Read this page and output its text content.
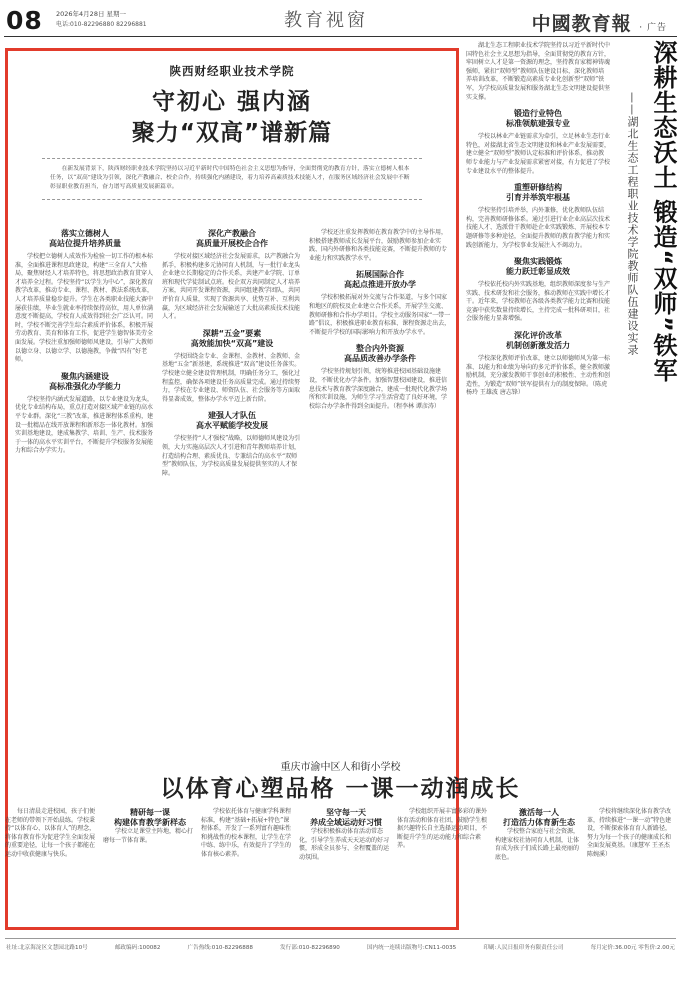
08 2026年4月28日 星期一
电话:010-82296880 82296881	教育视窗	中國教育報 · 广告
陕西财经职业技术学院
守初心 强内涵
聚力“双高”谱新篇
在新发展背景下，陕西财经职业技术学院坚持以习近平新时代中国特色社会主义思想为指导，全面贯彻党的教育方针，落实立德树人根本任务，以“双高”建设为引领，深化产教融合、校企合作，持续强化内涵建设，着力培养高素质技术技能人才，在服务区域经济社会发展中不断彰显职业教育担当，奋力谱写高质量发展新篇章。
落实立德树人
高站位提升培养质量
学校把立德树人成效作为检验一切工作的根本标准，全面推进课程思政建设，构建“三全育人”大格局，聚焦财经人才培养特色，将思想政治教育贯穿人才培养全过程。学校坚持“以学生为中心”，深化教育教学改革，推动专业、课程、教材、教法系统改革，人才培养质量稳步提升。学生在各类职业技能大赛中屡获佳绩，毕业生就业率持续保持高位，用人单位满意度不断提高，学校育人成效得到社会广泛认可。同时，学校不断完善学生综合素质评价体系，积极开展劳动教育、美育和体育工作，促进学生德智体美劳全面发展。学校注重加强师德师风建设，引导广大教师以德立身、以德立学、以德施教，争做“四有”好老师。
聚焦内涵建设
高标准强化办学能力
学校坚持内涵式发展道路，以专业建设为龙头，优化专业结构布局，重点打造对接区域产业链的高水平专业群。深化“三教”改革，推进课程体系重构，建设一批精品在线开放课程和新形态一体化教材。加强实训基地建设，建成集教学、培训、生产、技术服务于一体的高水平实训平台，不断提升学校服务发展能力和综合办学实力。
深化产教融合
高质量开展校企合作
学校对接区域经济社会发展需求，以产教融合为抓手，积极构建多元协同育人机制，与一批行业龙头企业建立长期稳定的合作关系，共建产业学院、订单班和现代学徒制试点班。校企双方共同制定人才培养方案，共同开发课程资源，共同组建教学团队，共同评价育人质量，实现了资源共享、优势互补、互利共赢，为区域经济社会发展输送了大批高素质技术技能人才。
深耕“五金”要素
高效能加快“双高”建设
学校围绕金专业、金课程、金教材、金教师、金基地“五金”新基建，系统推进“双高”建设任务落实。学校建立健全建设管理机制，明确任务分工，强化过程监控，确保各项建设任务高质量完成。通过持续努力，学校在专业建设、师资队伍、社会服务等方面取得显著成效，整体办学水平迈上新台阶。
建强人才队伍
高水平赋能学校发展
学校坚持“人才强校”战略，以师德师风建设为引领，大力实施高层次人才引进和青年教师培养计划，打造结构合理、素质优良、专兼结合的高水平“双师型”教师队伍，为学校高质量发展提供坚实的人才保障。
学校还注重发挥教师在教育教学中的主导作用，积极搭建教师成长发展平台，鼓励教师参加企业实践、国内外研修和各类技能竞赛，不断提升教师的专业能力和实践教学水平。
拓展国际合作
高起点推进开放办学
学校积极拓展对外交流与合作渠道，与多个国家和地区的院校及企业建立合作关系，开展学生交流、教师研修和合作办学项目。学校主动服务国家“一带一路”倡议，积极推进职业教育标准、课程资源走出去，不断提升学校的国际影响力和开放办学水平。
整合内外资源
高品质改善办学条件
学校坚持规划引领，统筹推进校园基础设施建设，不断优化办学条件。加强智慧校园建设，推进信息技术与教育教学深度融合，建成一批现代化教学场所和实训设施，为师生学习生活营造了良好环境，学校综合办学条件得到全面提升。（程李林 谭彦涛）
湖北生态工程职业技术学院坚持以习近平新时代中国特色社会主义思想为指导，全面贯彻党的教育方针，牢固树立人才是第一资源的理念，坚持教育家精神铸魂强师，紧扣“双师型”教师队伍建设目标，深化教师培养培训改革，不断锻造高素质专业化创新型“双师”铁军，为学校高质量发展和服务湖北生态文明建设提供坚实支撑。
锻造行业特色
标准领航建强专业
学校以林业产业链需求为牵引，立足林业生态行业特色，对接湖北省生态文明建设和林业产业发展需要，建立健全“双师型”教师认定标准和评价体系，推动教师专业能力与产业发展需求紧密对接，有力促进了学校专业建设水平的整体提升。
重塑研修结构
引育并举筑牢根基
学校坚持引培并举，内外兼修，优化教师队伍结构，完善教师研修体系。通过引进行业企业高层次技术技能人才、选派骨干教师赴企业实践锻炼、开展校本专题研修等多种途径，全面提升教师的教育教学能力和实践创新能力，为学校事业发展注入不竭动力。
聚焦实践锻炼
能力跃迁彰显成效
学校依托校内外实践基地，组织教师深度参与生产实践、技术研发和社会服务，推动教师在实践中增长才干。近年来，学校教师在各级各类教学能力比赛和技能竞赛中获奖数量持续增长，主持完成一批科研项目，社会服务能力显著增强。
深化评价改革
机制创新激发活力
学校深化教师评价改革，建立以师德师风为第一标准、以能力和业绩为导向的多元评价体系，健全教师激励机制，充分激发教师干事创业的积极性、主动性和创造性，为锻造“双师”铁军提供有力的制度保障。（陈虎 杨玲 王雄波 唐志锋）
深耕生态沃土 锻造“双师”铁军
——湖北生态工程职业技术学院教师队伍建设实录
重庆市渝中区人和街小学校
以体育心塑品格 一课一动润成长
每日清晨走进校园，孩子们便在老师的带领下开始晨练。学校秉持“以体育心、以体育人”的理念，将体育教育作为促进学生全面发展的重要途径，让每一个孩子都能在运动中收获健康与快乐。
精研每一课
构建体育教学新样态
学校立足课堂主阵地，精心打磨每一节体育课。
学校依托体育与健康学科课程标准，构建“基础+拓展+特色”课程体系，开发了一系列富有趣味性和挑战性的校本课程，让学生在学中练、练中乐，有效提升了学生的体育核心素养。
坚守每一天
养成全域运动好习惯
学校积极推动体育活动常态化，引导学生养成天天运动的好习惯，形成全员参与、全程覆盖的运动氛围。
学校组织开展丰富多彩的课外体育活动和体育社团，鼓励学生根据兴趣特长自主选择运动项目，不断提升学生的运动能力和综合素养。
激活每一人
打造活力体育新生态
学校整合家庭与社会资源，构建家校社协同育人机制，让体育成为孩子们成长路上最亮丽的底色。
学校将继续深化体育教学改革，持续推进“一课一动”特色建设，不断探索体育育人新路径，努力为每一个孩子的健康成长和全面发展奠基。（康慧军 王圣杰 陈婉溪）
社址:北京海淀区文慧园北路10号	邮政编码:100082	广告热线:010-82296888	发行部:010-82296890	国内统一连续出版物号:CN11-0035	印刷:人民日报印务有限责任公司	每月定价:36.00元 零售价:2.00元
